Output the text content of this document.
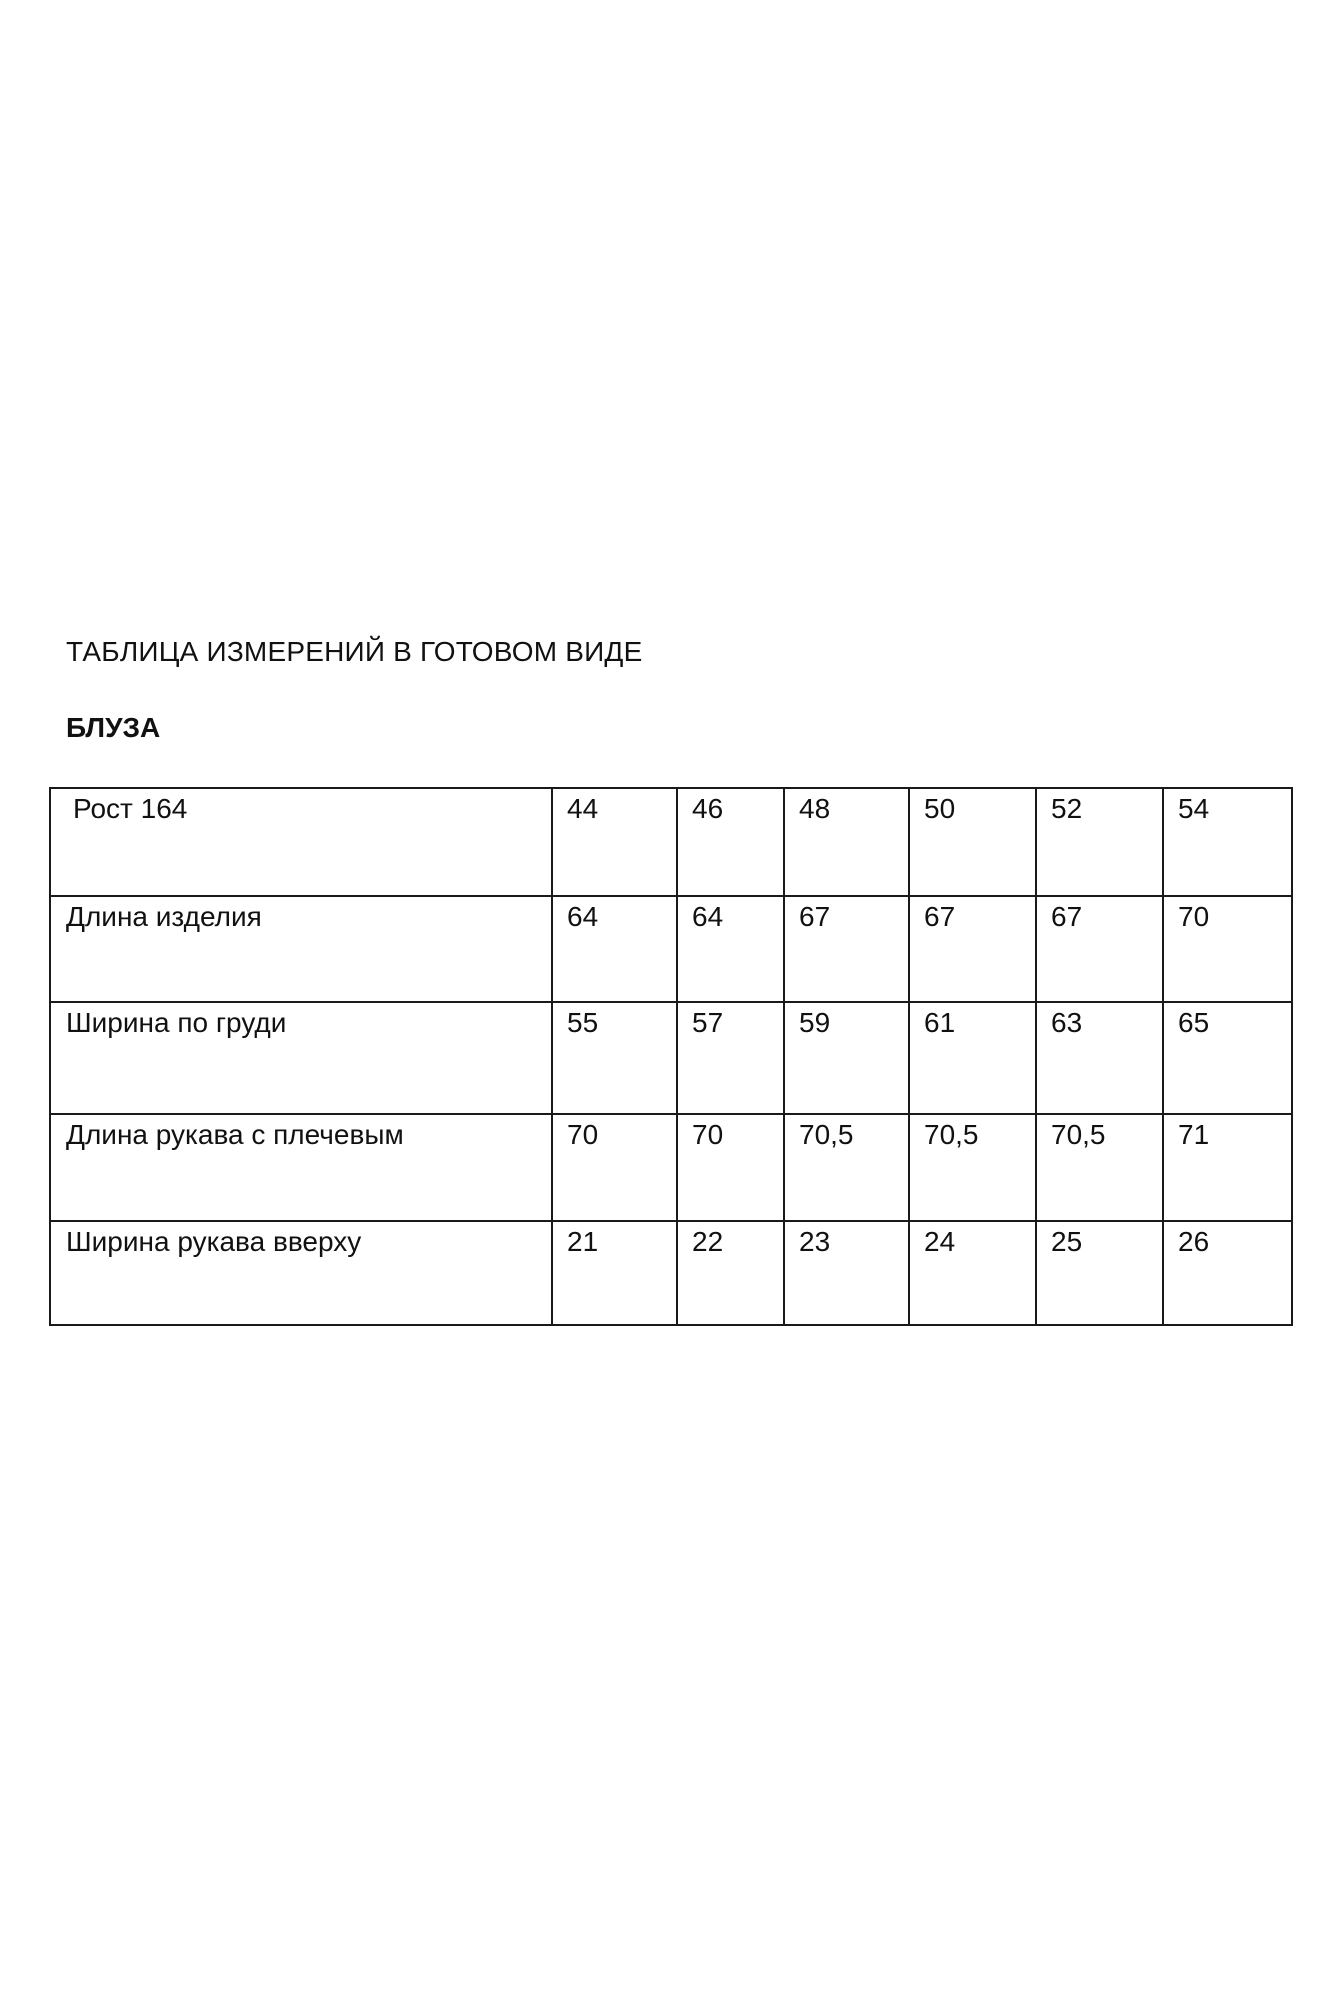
ТАБЛИЦА ИЗМЕРЕНИЙ В ГОТОВОМ ВИДЕ
БЛУЗА
Рост 164	44	46	48	50	52	54
Длина изделия	64	64	67	67	67	70
Ширина по груди	55	57	59	61	63	65
Длина рукава с плечевым	70	70	70,5	70,5	70,5	71
Ширина рукава вверху	21	22	23	24	25	26
